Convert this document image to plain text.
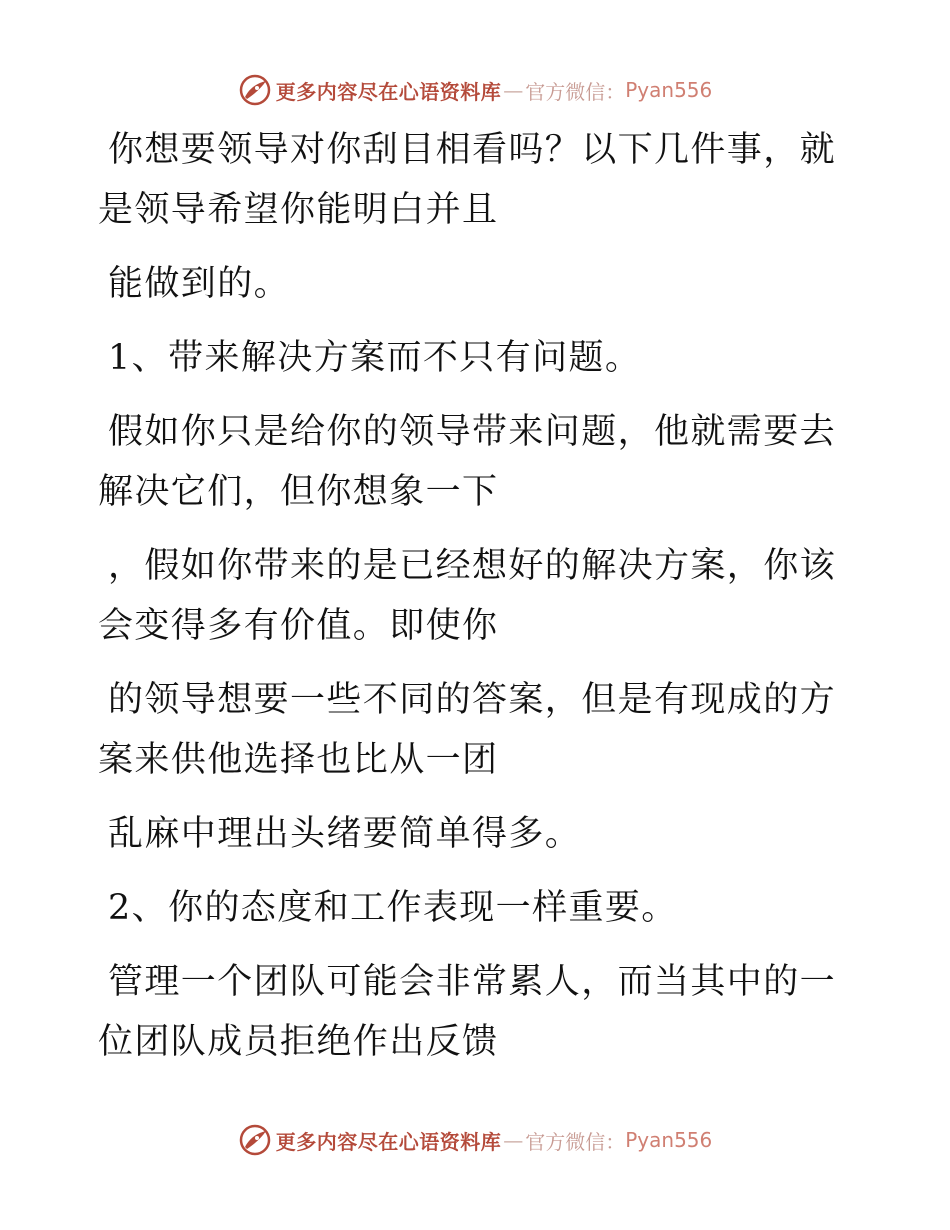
更多内容尽在心语资料库 — 官方微信： Pyan556

你想要领导对你刮目相看吗？以下几件事，就是领导希望你能明白并且

能做到的。

1、带来解决方案而不只有问题。

假如你只是给你的领导带来问题，他就需要去解决它们，但你想象一下

，假如你带来的是已经想好的解决方案，你该会变得多有价值。即使你

的领导想要一些不同的答案，但是有现成的方案来供他选择也比从一团

乱麻中理出头绪要简单得多。

2、你的态度和工作表现一样重要。

管理一个团队可能会非常累人，而当其中的一位团队成员拒绝作出反馈

更多内容尽在心语资料库 — 官方微信： Pyan556
